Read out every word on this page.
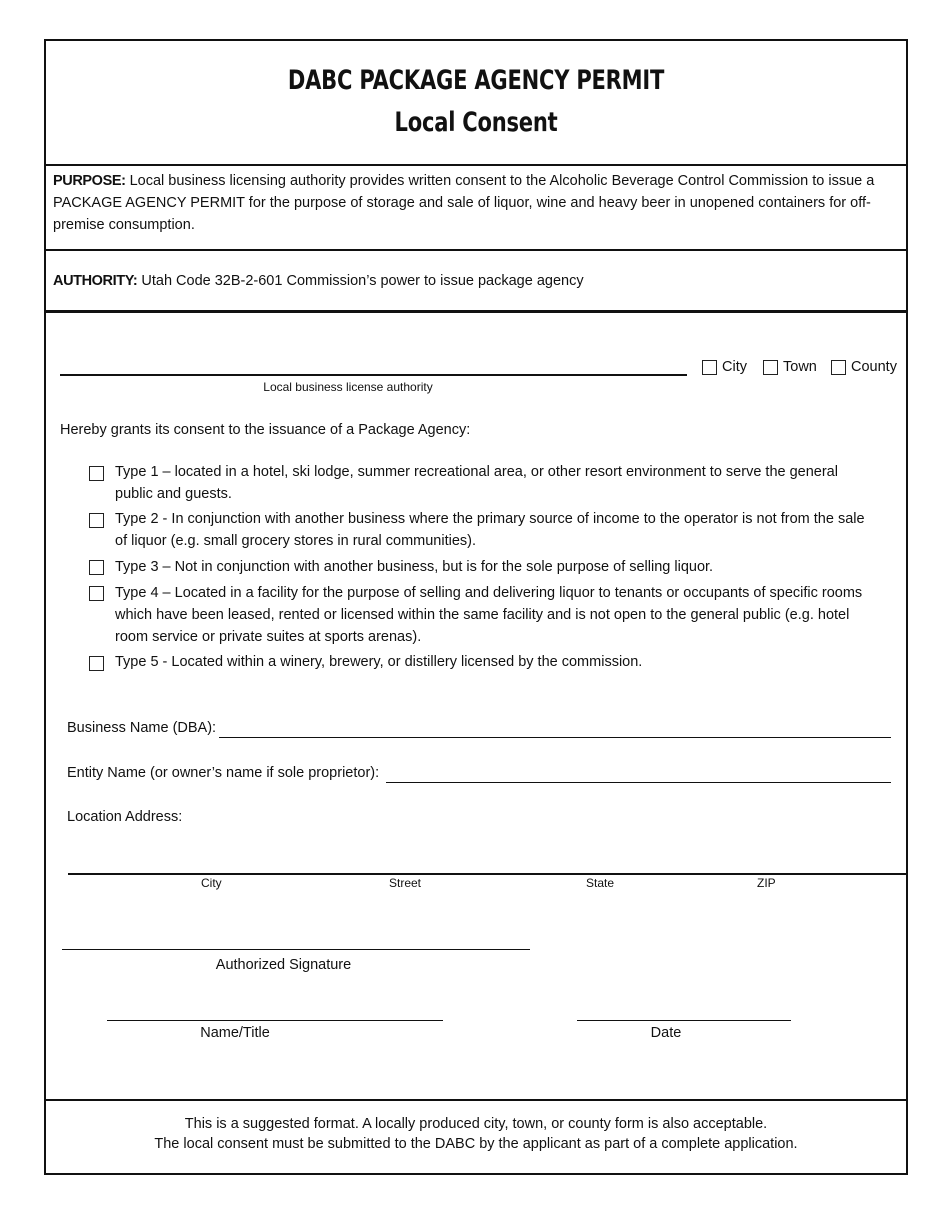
DABC PACKAGE AGENCY PERMIT
Local Consent
PURPOSE: Local business licensing authority provides written consent to the Alcoholic Beverage Control Commission to issue a PACKAGE AGENCY PERMIT for the purpose of storage and sale of liquor, wine and heavy beer in unopened containers for off-premise consumption.
AUTHORITY: Utah Code 32B-2-601 Commission’s power to issue package agency
Local business license authority
City Town County
Hereby grants its consent to the issuance of a Package Agency:
Type 1 – located in a hotel, ski lodge, summer recreational area, or other resort environment to serve the general public and guests.
Type 2 - In conjunction with another business where the primary source of income to the operator is not from the sale of liquor (e.g. small grocery stores in rural communities).
Type 3 – Not in conjunction with another business, but is for the sole purpose of selling liquor.
Type 4 – Located in a facility for the purpose of selling and delivering liquor to tenants or occupants of specific rooms which have been leased, rented or licensed within the same facility and is not open to the general public (e.g. hotel room service or private suites at sports arenas).
Type 5 - Located within a winery, brewery, or distillery licensed by the commission.
Business Name (DBA):
Entity Name (or owner’s name if sole proprietor):
Location Address:
City	Street	State	ZIP
Authorized Signature
Name/Title	Date
This is a suggested format. A locally produced city, town, or county form is also acceptable.
The local consent must be submitted to the DABC by the applicant as part of a complete application.
